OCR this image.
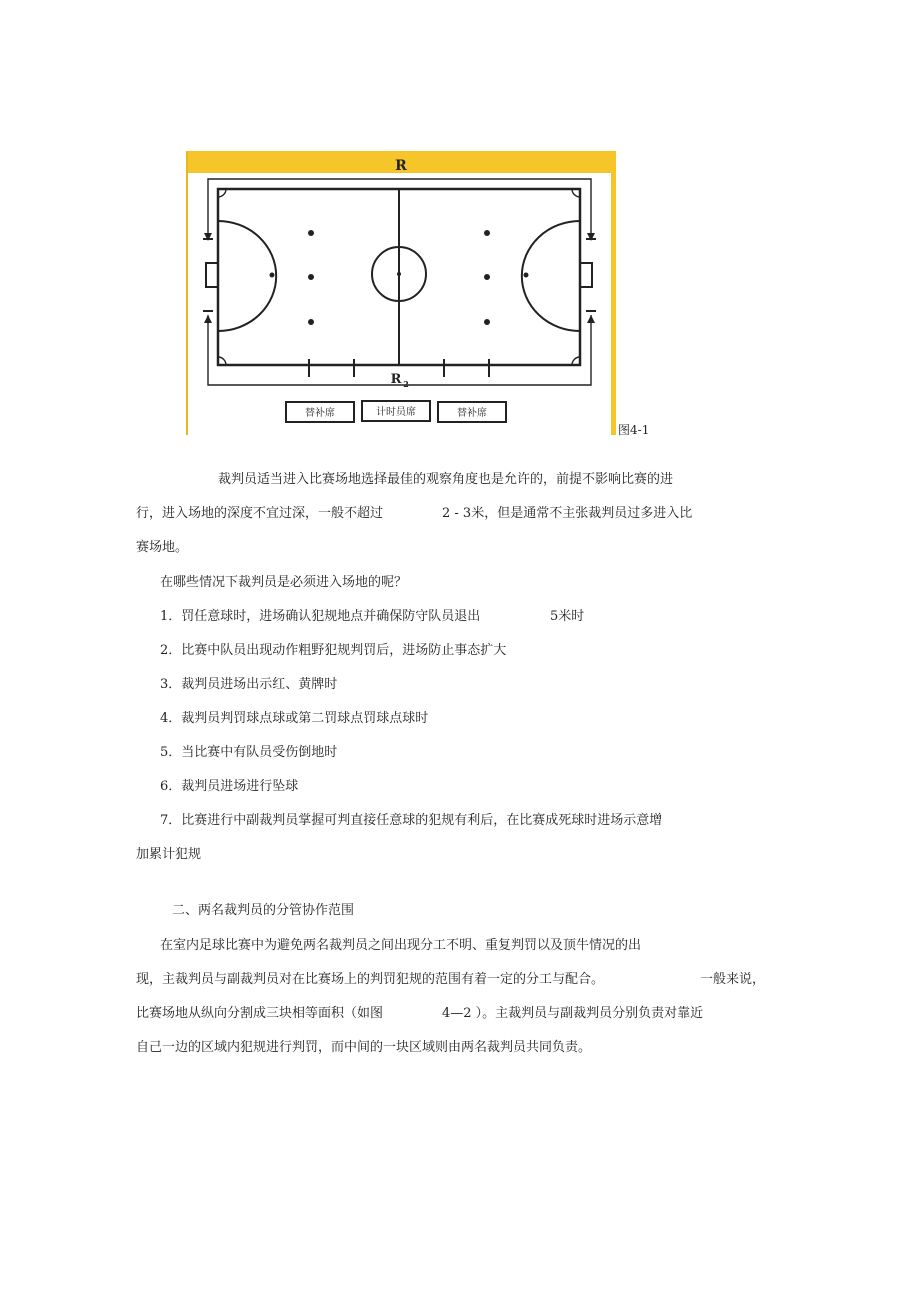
R
R 2
替补席	计时员席	替补席
图4-1
裁判员适当进入比赛场地选择最佳的观察角度也是允许的，前提不影响比赛的进
行，进入场地的深度不宜过深，一般不超过	2 - 3米，但是通常不主张裁判员过多进入比
赛场地。
在哪些情况下裁判员是必须进入场地的呢？
1．罚任意球时，进场确认犯规地点并确保防守队员退出	5米时
2．比赛中队员出现动作粗野犯规判罚后，进场防止事态扩大
3．裁判员进场出示红、黄牌时
4．裁判员判罚球点球或第二罚球点罚球点球时
5．当比赛中有队员受伤倒地时
6．裁判员进场进行坠球
7．比赛进行中副裁判员掌握可判直接任意球的犯规有利后，在比赛成死球时进场示意增
加累计犯规
二、两名裁判员的分管协作范围
在室内足球比赛中为避免两名裁判员之间出现分工不明、重复判罚以及顶牛情况的出
现，主裁判员与副裁判员对在比赛场上的判罚犯规的范围有着一定的分工与配合。	一般来说，
比赛场地从纵向分割成三块相等面积（如图	4—2 ）。主裁判员与副裁判员分别负责对靠近
自己一边的区域内犯规进行判罚，而中间的一块区域则由两名裁判员共同负责。
